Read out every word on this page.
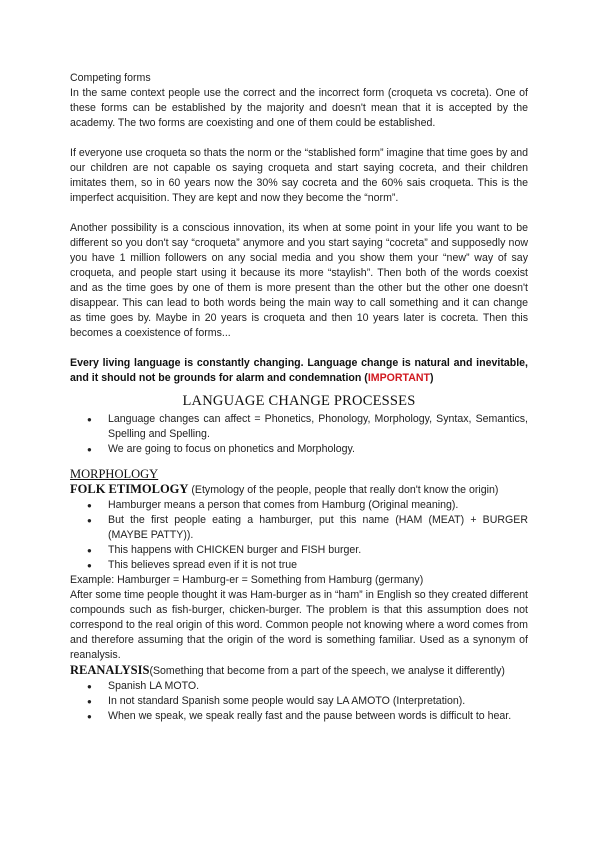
Competing forms

In the same context people use the correct and the incorrect form (croqueta vs cocreta). One of these forms can be established by the majority and doesn't mean that it is accepted by the academy. The two forms are coexisting and one of them could be established.

If everyone use croqueta so thats the norm or the “stablished form” imagine that time goes by and our children are not capable os saying croqueta and start saying cocreta, and their children imitates them, so in 60 years now the 30% say cocreta and the 60% sais croqueta. This is the imperfect acquisition. They are kept and now they become the “norm”.

Another possibility is a conscious innovation, its when at some point in your life you want to be different so you don't say “croqueta” anymore and you start saying “cocreta” and supposedly now you have 1 million followers on any social media and you show them your “new” way of say croqueta, and people start using it because its more “staylish”. Then both of the words coexist and as the time goes by one of them is more present than the other but the other one doesn't disappear. This can lead to both words being the main way to call something and it can change as time goes by. Maybe in 20 years is croqueta and then 10 years later is cocreta. Then this becomes a coexistence of forms...

Every living language is constantly changing. Language change is natural and inevitable, and it should not be grounds for alarm and condemnation (IMPORTANT)

LANGUAGE CHANGE PROCESSES
● Language changes can affect = Phonetics, Phonology, Morphology, Syntax, Semantics, Spelling and Spelling.
● We are going to focus on phonetics and Morphology.
MORPHOLOGY

FOLK ETIMOLOGY (Etymology of the people, people that really don't know the origin)

● Hamburger means a person that comes from Hamburg (Original meaning).
● But the first people eating a hamburger, put this name (HAM (MEAT) + BURGER (MAYBE PATTY)).
● This happens with CHICKEN burger and FISH burger.
● This believes spread even if it is not true

Example: Hamburger = Hamburg-er = Something from Hamburg (germany)

After some time people thought it was Ham-burger as in “ham” in English so they created different compounds such as fish-burger, chicken-burger. The problem is that this assumption does not correspond to the real origin of this word. Common people not knowing where a word comes from and therefore assuming that the origin of the word is something familiar. Used as a synonym of reanalysis.

REANALYSIS(Something that become from a part of the speech, we analyse it differently)

● Spanish LA MOTO.
● In not standard Spanish some people would say LA AMOTO (Interpretation).
● When we speak, we speak really fast and the pause between words is difficult to hear.
